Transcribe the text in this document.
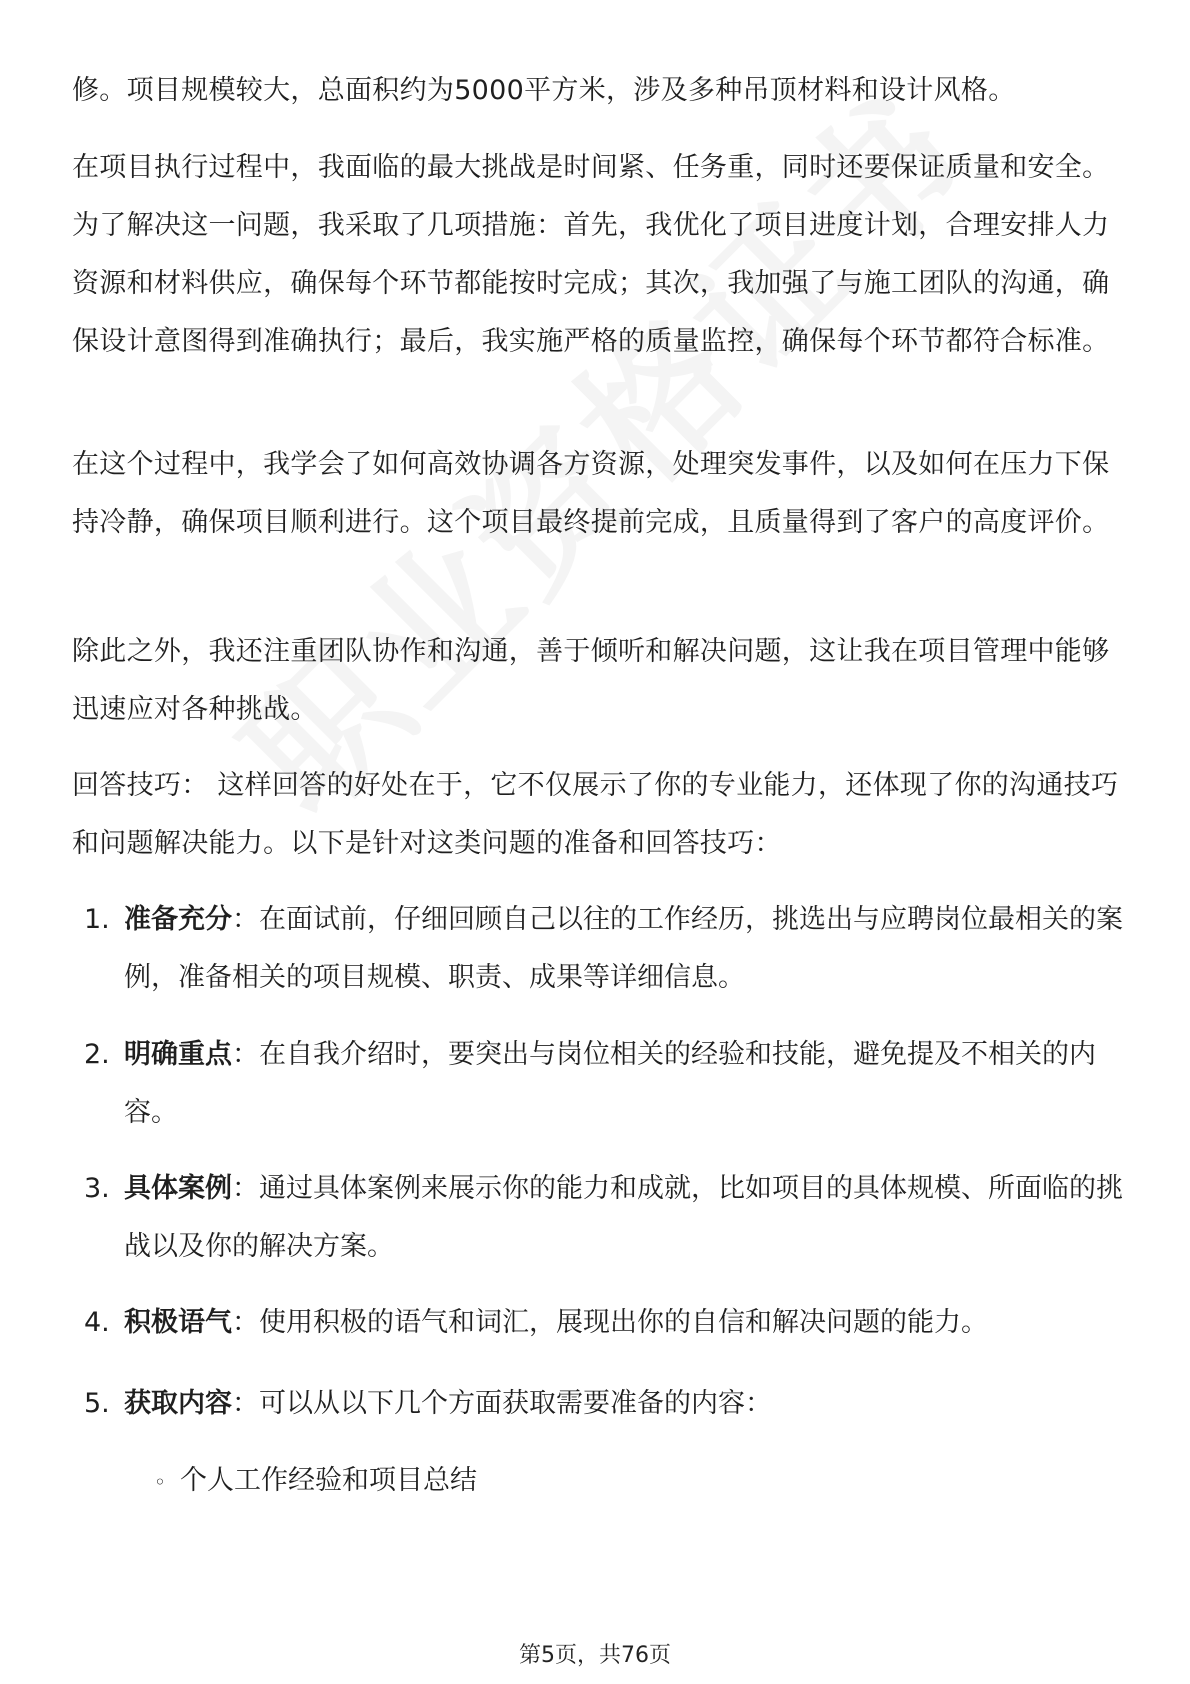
修。项目规模较大，总面积约为5000平方米，涉及多种吊顶材料和设计风格。

在项目执行过程中，我面临的最大挑战是时间紧、任务重，同时还要保证质量和安全。为了解决这一问题，我采取了几项措施：首先，我优化了项目进度计划，合理安排人力资源和材料供应，确保每个环节都能按时完成；其次，我加强了与施工团队的沟通，确保设计意图得到准确执行；最后，我实施严格的质量监控，确保每个环节都符合标准。

在这个过程中，我学会了如何高效协调各方资源，处理突发事件，以及如何在压力下保持冷静，确保项目顺利进行。这个项目最终提前完成，且质量得到了客户的高度评价。

除此之外，我还注重团队协作和沟通，善于倾听和解决问题，这让我在项目管理中能够迅速应对各种挑战。

回答技巧： 这样回答的好处在于，它不仅展示了你的专业能力，还体现了你的沟通技巧和问题解决能力。以下是针对这类问题的准备和回答技巧：

1. 准备充分：在面试前，仔细回顾自己以往的工作经历，挑选出与应聘岗位最相关的案例，准备相关的项目规模、职责、成果等详细信息。
2. 明确重点：在自我介绍时，要突出与岗位相关的经验和技能，避免提及不相关的内容。
3. 具体案例：通过具体案例来展示你的能力和成就，比如项目的具体规模、所面临的挑战以及你的解决方案。
4. 积极语气：使用积极的语气和词汇，展现出你的自信和解决问题的能力。
5. 获取内容：可以从以下几个方面获取需要准备的内容：
◦ 个人工作经验和项目总结
第5页，共76页
